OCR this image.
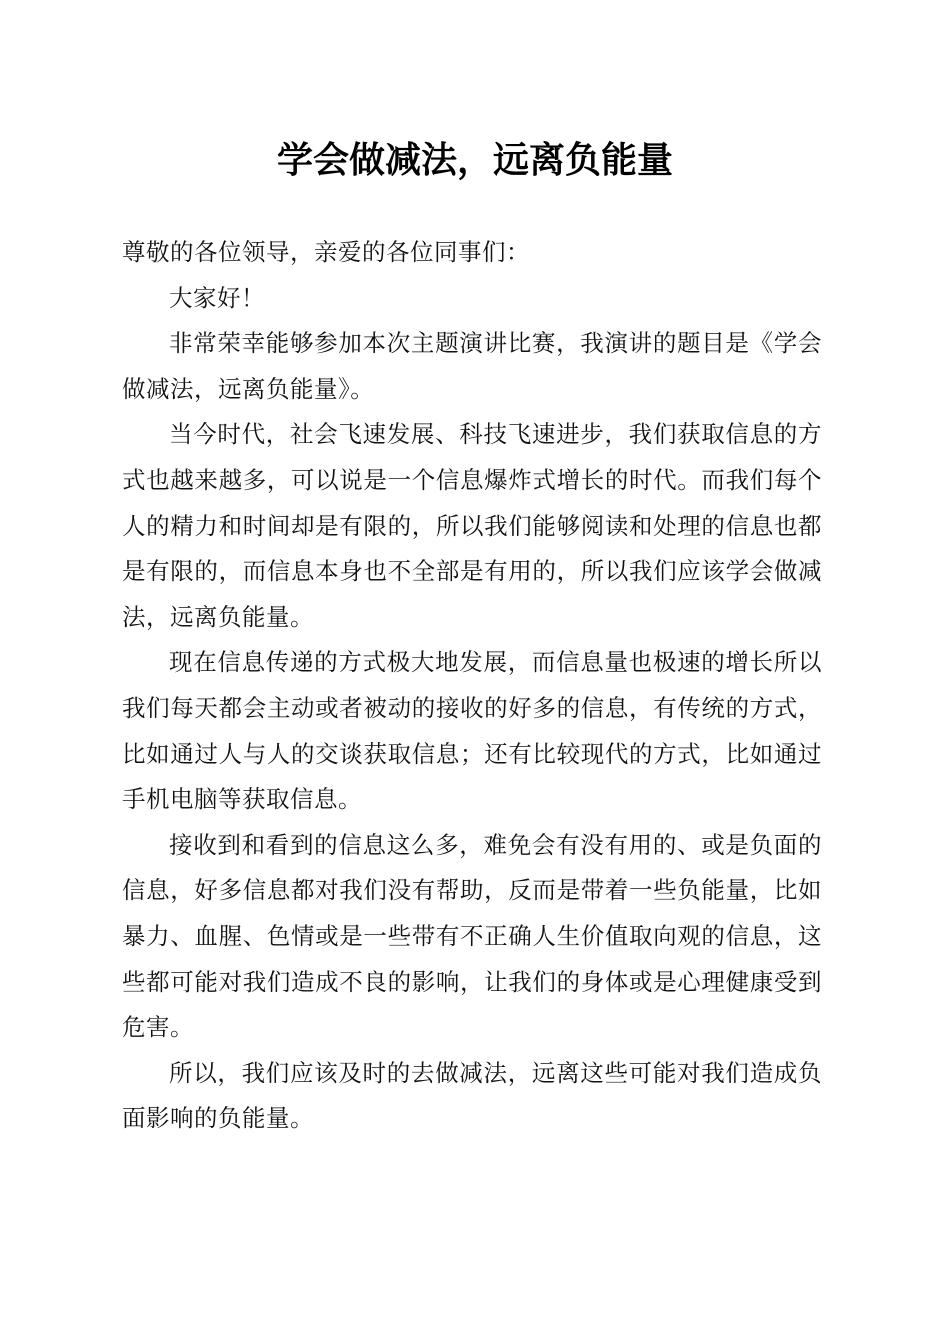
学会做减法，远离负能量

尊敬的各位领导，亲爱的各位同事们：

大家好！

非常荣幸能够参加本次主题演讲比赛，我演讲的题目是《学会做减法，远离负能量》。

当今时代，社会飞速发展、科技飞速进步，我们获取信息的方式也越来越多，可以说是一个信息爆炸式增长的时代。而我们每个人的精力和时间却是有限的，所以我们能够阅读和处理的信息也都是有限的，而信息本身也不全部是有用的，所以我们应该学会做减法，远离负能量。

现在信息传递的方式极大地发展，而信息量也极速的增长所以我们每天都会主动或者被动的接收的好多的信息，有传统的方式，比如通过人与人的交谈获取信息；还有比较现代的方式，比如通过手机电脑等获取信息。

接收到和看到的信息这么多，难免会有没有用的、或是负面的信息，好多信息都对我们没有帮助，反而是带着一些负能量，比如暴力、血腥、色情或是一些带有不正确人生价值取向观的信息，这些都可能对我们造成不良的影响，让我们的身体或是心理健康受到危害。

所以，我们应该及时的去做减法，远离这些可能对我们造成负面影响的负能量。
